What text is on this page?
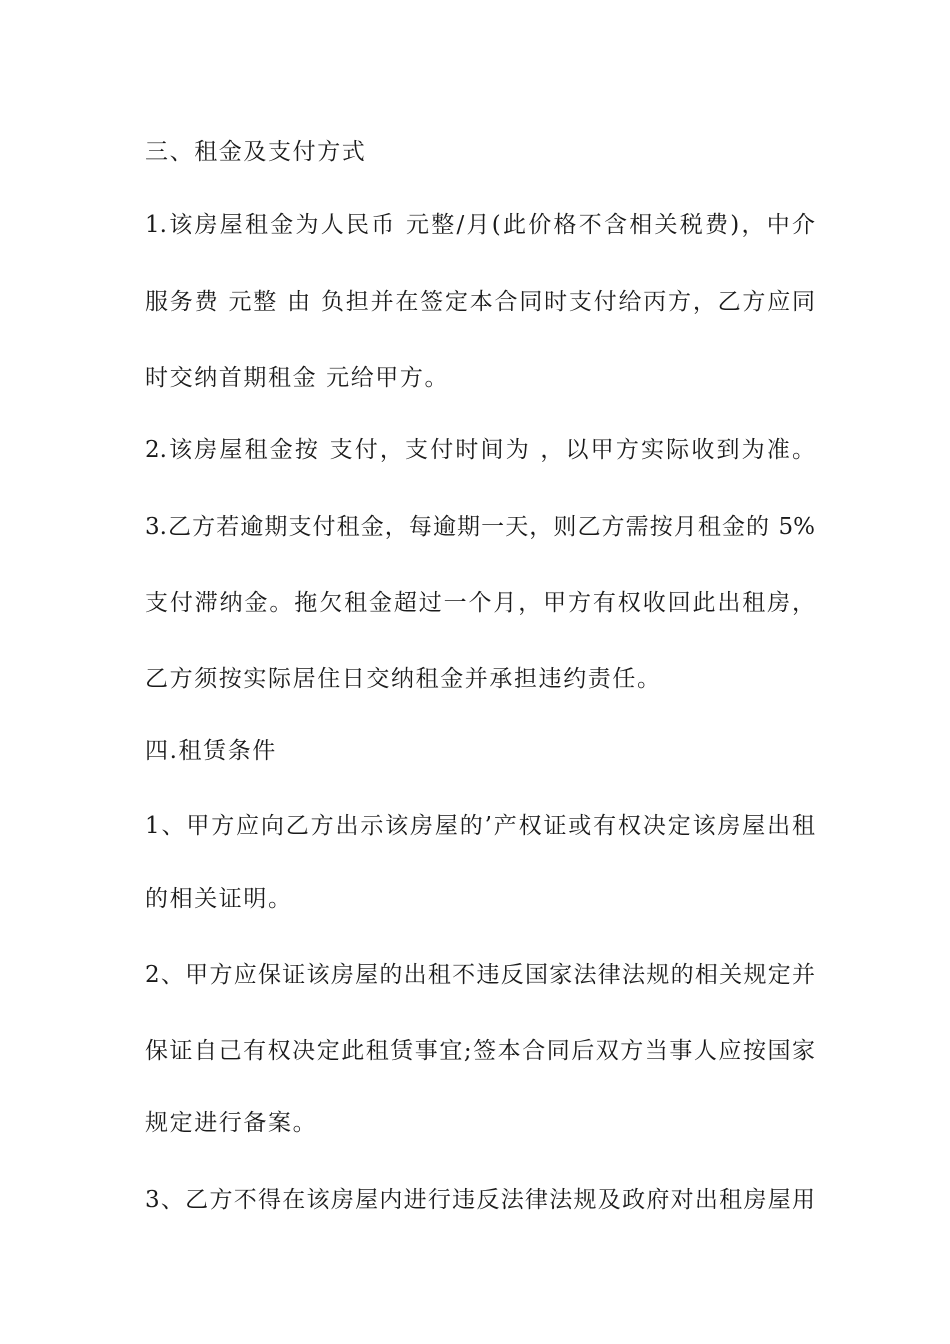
三、租金及支付方式
1.该房屋租金为人民币 元整/月(此价格不含相关税费)，中介
服务费 元整 由 负担并在签定本合同时支付给丙方，乙方应同
时交纳首期租金 元给甲方。
2.该房屋租金按 支付，支付时间为 ，以甲方实际收到为准。
3.乙方若逾期支付租金，每逾期一天，则乙方需按月租金的 5%
支付滞纳金。拖欠租金超过一个月，甲方有权收回此出租房，
乙方须按实际居住日交纳租金并承担违约责任。
四.租赁条件
1、甲方应向乙方出示该房屋的’产权证或有权决定该房屋出租
的相关证明。
2、甲方应保证该房屋的出租不违反国家法律法规的相关规定并
保证自己有权决定此租赁事宜;签本合同后双方当事人应按国家
规定进行备案。
3、乙方不得在该房屋内进行违反法律法规及政府对出租房屋用
